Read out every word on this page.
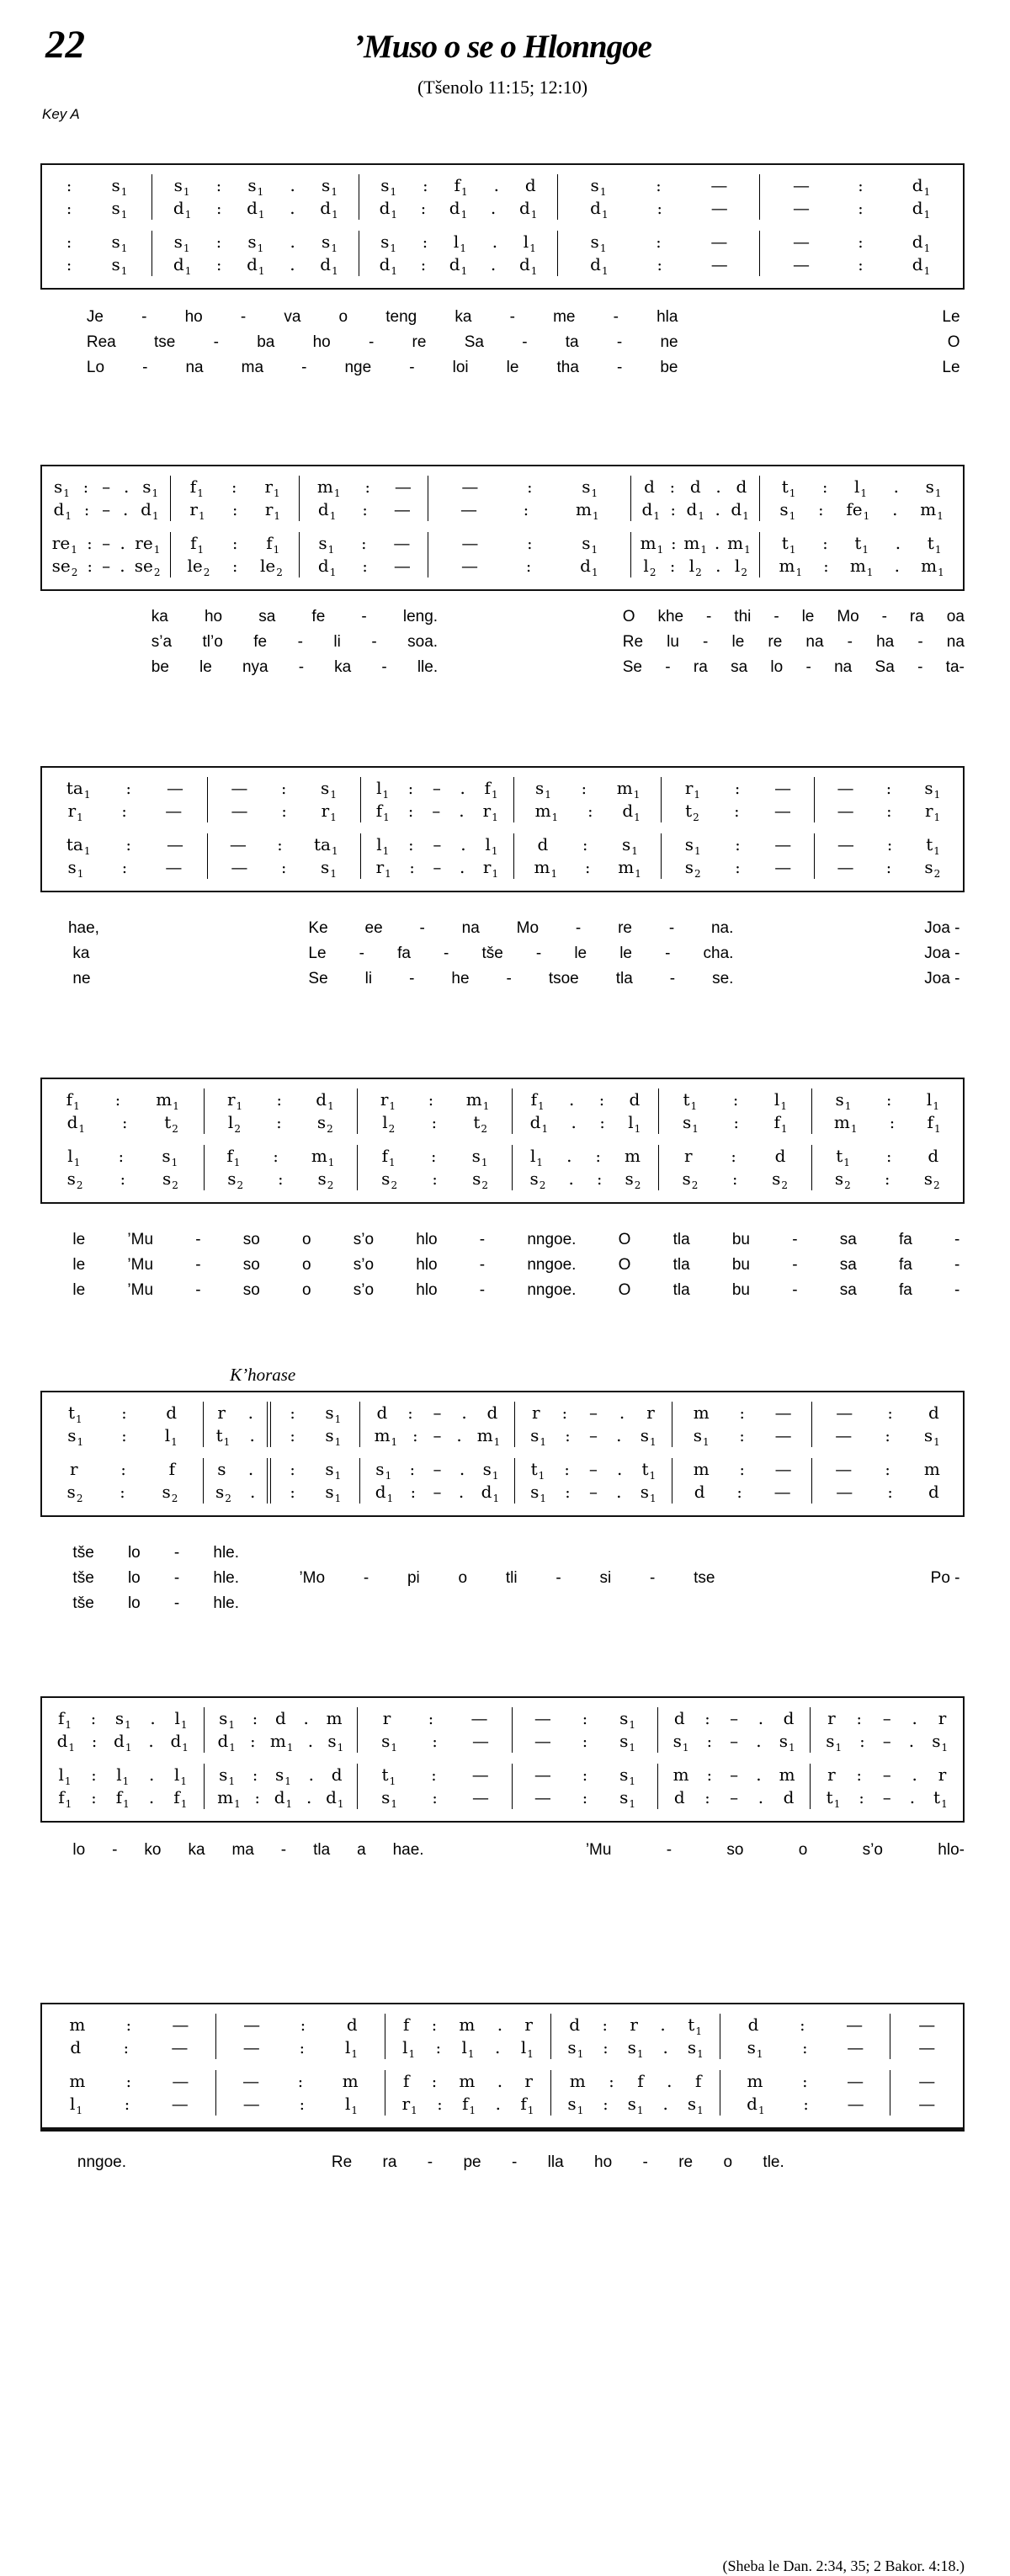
22	’Muso o se o Hlonngoe
(Tšenolo 11:15; 12:10)
Key A
: $s_1$
: $s_1$
$s_1$ : $s_1$ . $s_1$
$d_1$ : $d_1$ . $d_1$
$s_1$ : $f_1$ . d
$d_1$ : $d_1$ . $d_1$
$s_1$	:	—
$d_1$	:	—
—	:	$d_1$
—	:	$d_1$
: $s_1$
: $s_1$
$s_1$ : $s_1$ . $s_1$
$d_1$ : $d_1$ . $d_1$
$s_1$ : $l_1$ . $l_1$
$d_1$ : $d_1$ . $d_1$
$s_1$	:	—
$d_1$	:	—
—	:	$d_1$
—	:	$d_1$
Je - ho - va o teng ka - me - hla	Le
Rea tse - ba ho - re Sa - ta - ne	O
Lo - na ma - nge - loi le tha - be	Le
$s_1$ : – . $s_1$
$d_1$ : – . $d_1$
$f_1$ : $r_1$
$r_1$ : $r_1$
$m_1$ : —
$d_1$ : —
—	:	$s_1$
—	:	$m_1$
d : d . d
$d_1$ : $d_1$ . $d_1$
$t_1$ : $l_1$ . $s_1$
$s_1$ : $fe_1$ . $m_1$
$re_1$ : – . $re_1$
$se_2$ : – . $se_2$
$f_1$ : $f_1$
$le_2$ : $le_2$
$s_1$ : —
$d_1$ : —
—	:	$s_1$
—	:	$d_1$
$m_1$ : $m_1$ . $m_1$
$l_2$ : $l_2$ . $l_2$
$t_1$ : $t_1$ . $t_1$
$m_1$ : $m_1$ . $m_1$
ka ho sa fe - leng.	O khe - thi - le Mo - ra oa
s’a tl’o fe - li - soa.	Re lu - le re na - ha - na
be le nya - ka - lle.	Se - ra sa lo - na Sa - ta-
$ta_1$ : —
$r_1$ : —
— : $s_1$
— : $r_1$
$l_1$ : – . $f_1$
$f_1$ : – . $r_1$
$s_1$ : $m_1$
$m_1$ : $d_1$
$r_1$ : —
$t_2$ : —
— : $s_1$
— : $r_1$
$ta_1$ : —
$s_1$ : —
— : $ta_1$
— : $s_1$
$l_1$ : – . $l_1$
$r_1$ : – . $r_1$
d : $s_1$
$m_1$ : $m_1$
$s_1$ : —
$s_2$ : —
— : $t_1$
— : $s_2$
hae,	Ke ee - na Mo - re - na.	Joa -
ka	Le - fa - tše - le le - cha.	Joa -
ne	Se li - he - tsoe tla - se.	Joa -
$f_1$ : $m_1$
$d_1$ : $t_2$
$r_1$ : $d_1$
$l_2$ : $s_2$
$r_1$ : $m_1$
$l_2$ : $t_2$
$f_1$ . : d
$d_1$ . : $l_1$
$t_1$ : $l_1$
$s_1$ : $f_1$
$s_1$ : $l_1$
$m_1$ : $f_1$
$l_1$ : $s_1$
$s_2$ : $s_2$
$f_1$ : $m_1$
$s_2$ : $s_2$
$f_1$ : $s_1$
$s_2$ : $s_2$
$l_1$ . : m
$s_2$ . : $s_2$
r : d
$s_2$ : $s_2$
$t_1$ : d
$s_2$ : $s_2$
le	’Mu	-	so	o	s’o	hlo	-	nngoe.	O	tla	bu	-	sa	fa	-
le	’Mu	-	so	o	s’o	hlo	-	nngoe.	O	tla	bu	-	sa	fa	-
le	’Mu	-	so	o	s’o	hlo	-	nngoe.	O	tla	bu	-	sa	fa	-
K’horase
$t_1$ : d
$s_1$ : $l_1$
r .
$t_1$ .
: $s_1$
: $s_1$
d : – . d
$m_1$ : – . $m_1$
r : – . r
$s_1$ : – . $s_1$
m : —
$s_1$ : —
— : d
— : $s_1$
r	:	f
$s_2$ : $s_2$
s .
$s_2$ .
: $s_1$
: $s_1$
$s_1$ : – . $s_1$
$d_1$ : – . $d_1$
$t_1$ : – . $t_1$
$s_1$ : – . $s_1$
m : —
d : —
— : m
— : d
tše lo - hle.
tše lo - hle.	’Mo - pi o tli - si - tse	Po -
tše lo - hle.
$f_1$ : $s_1$ . $l_1$
$d_1$ : $d_1$ . $d_1$
$s_1$ : d . m
$d_1$ : $m_1$ . $s_1$
r : —
$s_1$ : —
— : $s_1$
— : $s_1$
d : – . d
$s_1$ : – . $s_1$
r : – . r
$s_1$ : – . $s_1$
$l_1$ : $l_1$ . $l_1$
$f_1$ : $f_1$ . $f_1$
$s_1$ : $s_1$ . d
$m_1$ : $d_1$ . $d_1$
$t_1$ : —
$s_1$ : —
— : $s_1$
— : $s_1$
m : – . m
d : – . d
r : – . r
$t_1$ : – . $t_1$
lo - ko ka ma - tla a hae.	’Mu	-	so	o	s’o	hlo-
m	: —
d	:	—
—	: d
—	: $l_1$
f : m . r
$l_1$ : $l_1$ . $l_1$
d : r . $t_1$
$s_1$ : $s_1$ . $s_1$
d	: —
$s_1$ : —
—
—
m	: —
$l_1$	: —
— : m
—	: $l_1$
f : m . r
$r_1$ : $f_1$ . $f_1$
m : f . f
$s_1$ : $s_1$ . $s_1$
m : —
$d_1$ : —
—
—
nngoe.	Re ra - pe - lla ho - re o tle.
(Sheba le Dan. 2:34, 35; 2 Bakor. 4:18.)
